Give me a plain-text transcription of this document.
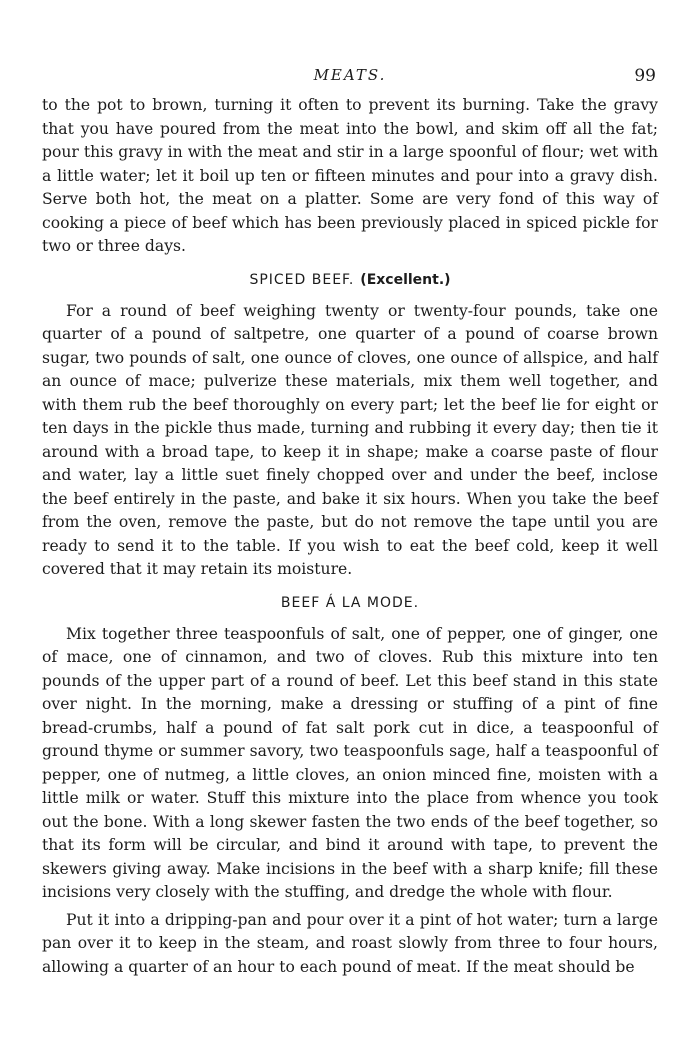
MEATS.	99

to the pot to brown, turning it often to prevent its burning. Take the gravy that you have poured from the meat into the bowl, and skim off all the fat; pour this gravy in with the meat and stir in a large spoonful of flour; wet with a little water; let it boil up ten or fifteen minutes and pour into a gravy dish. Serve both hot, the meat on a platter. Some are very fond of this way of cooking a piece of beef which has been previously placed in spiced pickle for two or three days.

SPICED BEEF. (Excellent.)

For a round of beef weighing twenty or twenty-four pounds, take one quarter of a pound of saltpetre, one quarter of a pound of coarse brown sugar, two pounds of salt, one ounce of cloves, one ounce of allspice, and half an ounce of mace; pulverize these materials, mix them well together, and with them rub the beef thoroughly on every part; let the beef lie for eight or ten days in the pickle thus made, turning and rubbing it every day; then tie it around with a broad tape, to keep it in shape; make a coarse paste of flour and water, lay a little suet finely chopped over and under the beef, inclose the beef entirely in the paste, and bake it six hours. When you take the beef from the oven, remove the paste, but do not remove the tape until you are ready to send it to the table. If you wish to eat the beef cold, keep it well covered that it may retain its moisture.

BEEF Á LA MODE.

Mix together three teaspoonfuls of salt, one of pepper, one of ginger, one of mace, one of cinnamon, and two of cloves. Rub this mixture into ten pounds of the upper part of a round of beef. Let this beef stand in this state over night. In the morning, make a dressing or stuffing of a pint of fine bread-crumbs, half a pound of fat salt pork cut in dice, a teaspoonful of ground thyme or summer savory, two teaspoonfuls sage, half a teaspoonful of pepper, one of nutmeg, a little cloves, an onion minced fine, moisten with a little milk or water. Stuff this mixture into the place from whence you took out the bone. With a long skewer fasten the two ends of the beef together, so that its form will be circular, and bind it around with tape, to prevent the skewers giving away. Make incisions in the beef with a sharp knife; fill these incisions very closely with the stuffing, and dredge the whole with flour.

Put it into a dripping-pan and pour over it a pint of hot water; turn a large pan over it to keep in the steam, and roast slowly from three to four hours, allowing a quarter of an hour to each pound of meat. If the meat should be
